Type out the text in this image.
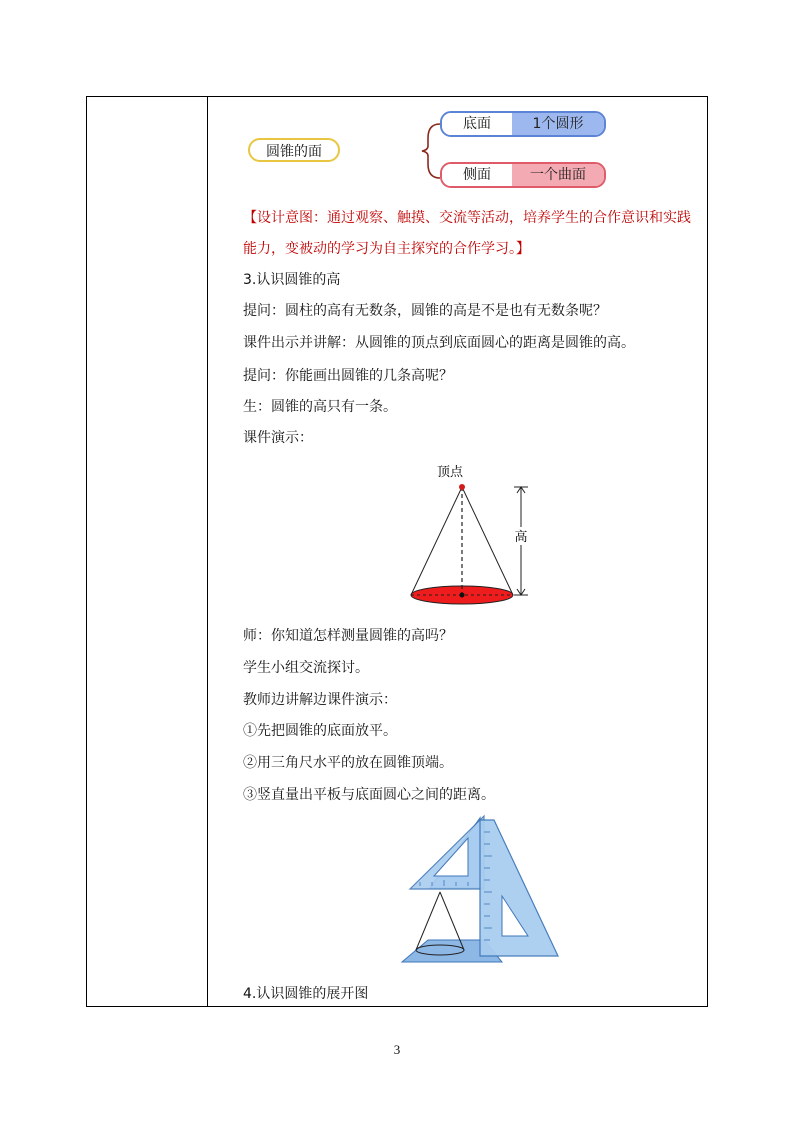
圆锥的面
底面	1个圆形
侧面	一个曲面
【设计意图：通过观察、触摸、交流等活动，培养学生的合作意识和实践
能力，变被动的学习为自主探究的合作学习。】
3.认识圆锥的高
提问：圆柱的高有无数条，圆锥的高是不是也有无数条呢？
课件出示并讲解：从圆锥的顶点到底面圆心的距离是圆锥的高。
提问：你能画出圆锥的几条高呢？
生：圆锥的高只有一条。
课件演示：
顶点
高
师：你知道怎样测量圆锥的高吗？
学生小组交流探讨。
教师边讲解边课件演示：
①先把圆锥的底面放平。
②用三角尺水平的放在圆锥顶端。
③竖直量出平板与底面圆心之间的距离。
4.认识圆锥的展开图
3
